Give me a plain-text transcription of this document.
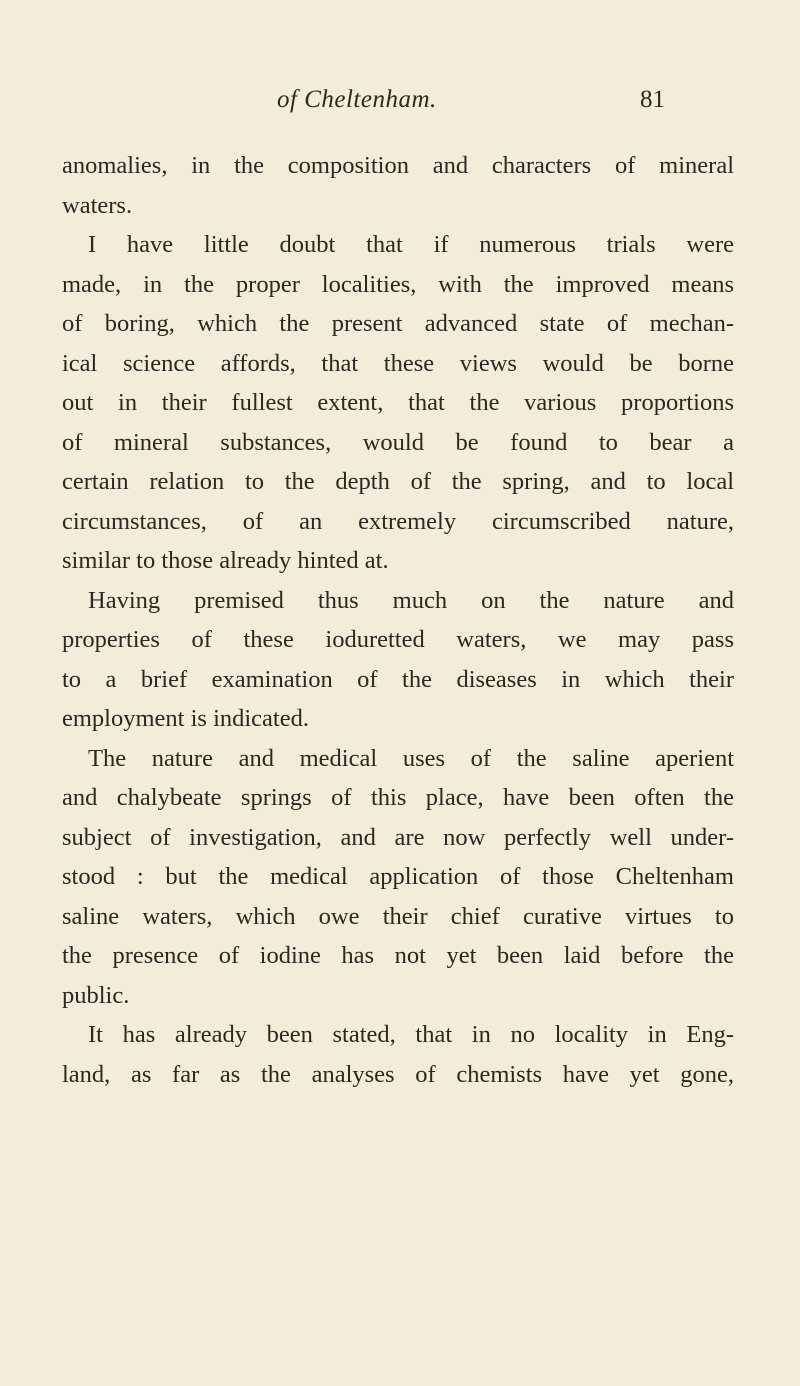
of Cheltenham.	81
anomalies, in the composition and characters of mineral
waters.
I have little doubt that if numerous trials were
made, in the proper localities, with the improved means
of boring, which the present advanced state of mechan-
ical science affords, that these views would be borne
out in their fullest extent, that the various proportions
of mineral substances, would be found to bear a
certain relation to the depth of the spring, and to local
circumstances, of an extremely circumscribed nature,
similar to those already hinted at.
Having premised thus much on the nature and
properties of these ioduretted waters, we may pass
to a brief examination of the diseases in which their
employment is indicated.
The nature and medical uses of the saline aperient
and chalybeate springs of this place, have been often the
subject of investigation, and are now perfectly well under-
stood : but the medical application of those Cheltenham
saline waters, which owe their chief curative virtues to
the presence of iodine has not yet been laid before the
public.
It has already been stated, that in no locality in Eng-
land, as far as the analyses of chemists have yet gone,
